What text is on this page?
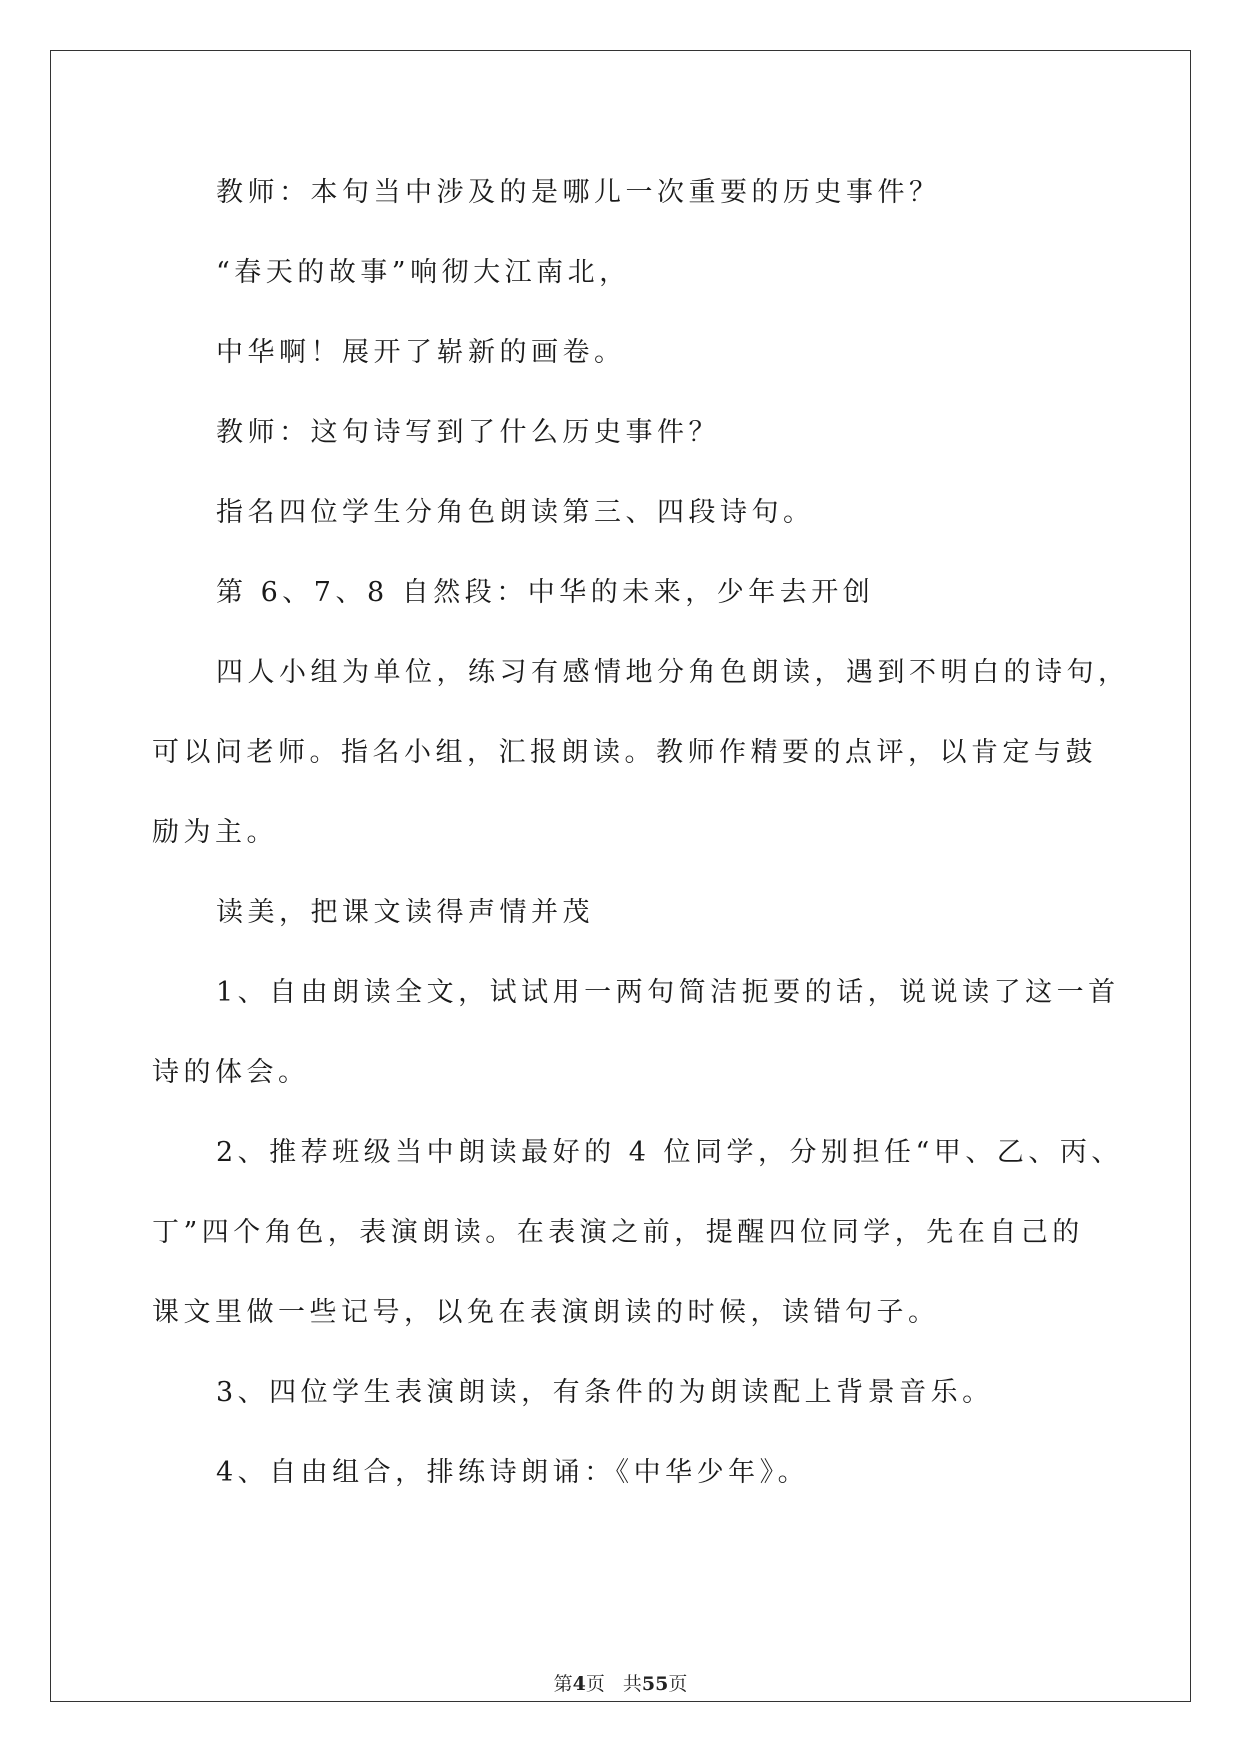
教师：本句当中涉及的是哪儿一次重要的历史事件？
“春天的故事”响彻大江南北，
中华啊！展开了崭新的画卷。
教师：这句诗写到了什么历史事件？
指名四位学生分角色朗读第三、四段诗句。
第 6、7、8 自然段：中华的未来，少年去开创
四人小组为单位，练习有感情地分角色朗读，遇到不明白的诗句，
可以问老师。指名小组，汇报朗读。教师作精要的点评，以肯定与鼓
励为主。
读美，把课文读得声情并茂
1、自由朗读全文，试试用一两句简洁扼要的话，说说读了这一首
诗的体会。
2、推荐班级当中朗读最好的 4 位同学，分别担任“甲、乙、丙、
丁”四个角色，表演朗读。在表演之前，提醒四位同学，先在自己的
课文里做一些记号，以免在表演朗读的时候，读错句子。
3、四位学生表演朗读，有条件的为朗读配上背景音乐。
4、自由组合，排练诗朗诵：《中华少年》。
第4页 共55页
